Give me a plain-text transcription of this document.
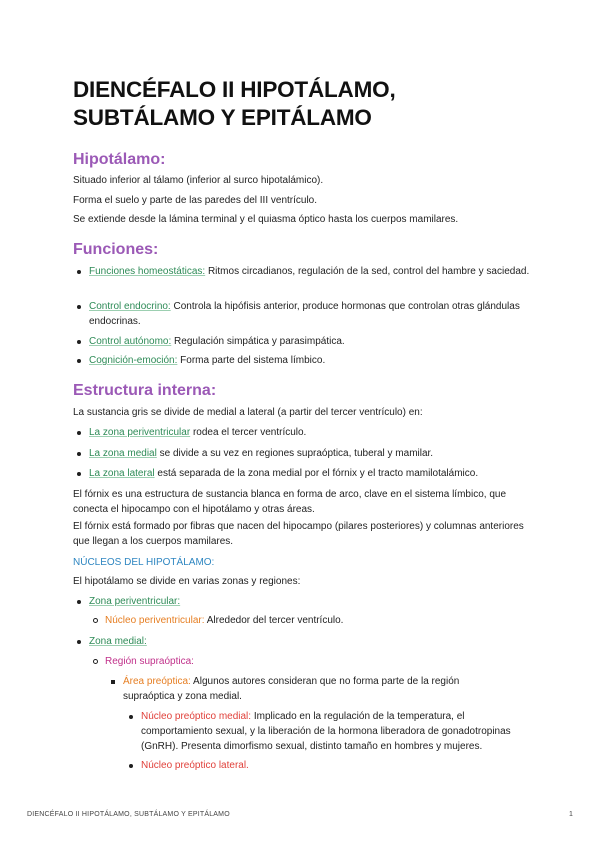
DIENCÉFALO II HIPOTÁLAMO, SUBTÁLAMO Y EPITÁLAMO
Hipotálamo:

Situado inferior al tálamo (inferior al surco hipotalámico).

Forma el suelo y parte de las paredes del III ventrículo.

Se extiende desde la lámina terminal y el quiasma óptico hasta los cuerpos mamilares.

Funciones:
Funciones homeostáticas: Ritmos circadianos, regulación de la sed, control del hambre y saciedad.
Control endocrino: Controla la hipófisis anterior, produce hormonas que controlan otras glándulas endocrinas.
Control autónomo: Regulación simpática y parasimpática.
Cognición-emoción: Forma parte del sistema límbico.
Estructura interna:

La sustancia gris se divide de medial a lateral (a partir del tercer ventrículo) en:

La zona periventricular rodea el tercer ventrículo.
La zona medial se divide a su vez en regiones supraóptica, tuberal y mamilar.
La zona lateral está separada de la zona medial por el fórnix y el tracto mamilotalámico.

El fórnix es una estructura de sustancia blanca en forma de arco, clave en el sistema límbico, que conecta el hipocampo con el hipotálamo y otras áreas.

El fórnix está formado por fibras que nacen del hipocampo (pilares posteriores) y columnas anteriores que llegan a los cuerpos mamilares.

NÚCLEOS DEL HIPOTÁLAMO:

El hipotálamo se divide en varias zonas y regiones:

Zona periventricular:
Núcleo periventricular: Alrededor del tercer ventrículo.
Zona medial:
Región supraóptica:
Área preóptica: Algunos autores consideran que no forma parte de la región supraóptica y zona medial.
Núcleo preóptico medial: Implicado en la regulación de la temperatura, el comportamiento sexual, y la liberación de la hormona liberadora de gonadotropinas (GnRH). Presenta dimorfismo sexual, distinto tamaño en hombres y mujeres.
Núcleo preóptico lateral.
DIENCÉFALO II HIPOTÁLAMO, SUBTÁLAMO Y EPITÁLAMO	1
